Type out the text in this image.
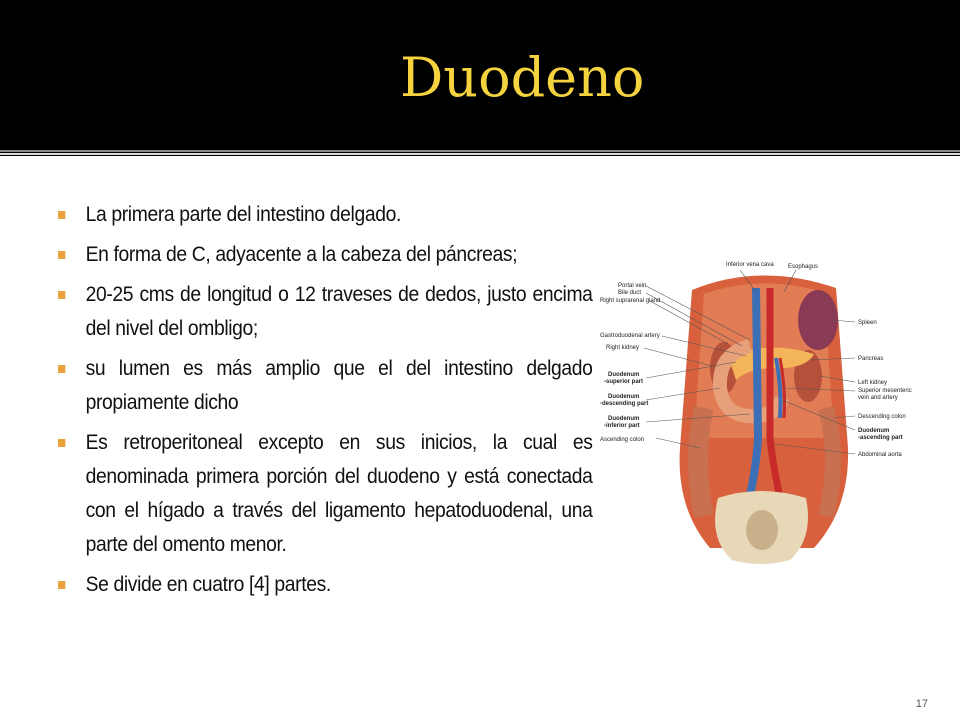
Duodeno
La primera parte del intestino delgado.
En forma de C, adyacente a la cabeza del páncreas;
20-25 cms de longitud o 12 traveses de dedos, justo encima del nivel del ombligo;
su lumen es más amplio que el del intestino delgado propiamente dicho
Es retroperitoneal excepto en sus inicios, la cual es denominada primera porción del duodeno y está conectada con el hígado a través del ligamento hepatoduodenal, una parte del omento menor.
Se divide en cuatro [4] partes.
Portal vein
Bile duct
Right suprarenal gland
Gastroduodenal artery
Right kidney
Duodenum
-superior part
Duodenum
-descending part
Duodenum
-inferior part
Ascending colon
Inferior vena cava Esophagus
Spleen
Pancreas
Left kidney
Superior mesenteric
vein and artery
Descending colon
Duodenum
-ascending part
Abdominal aorta
17
